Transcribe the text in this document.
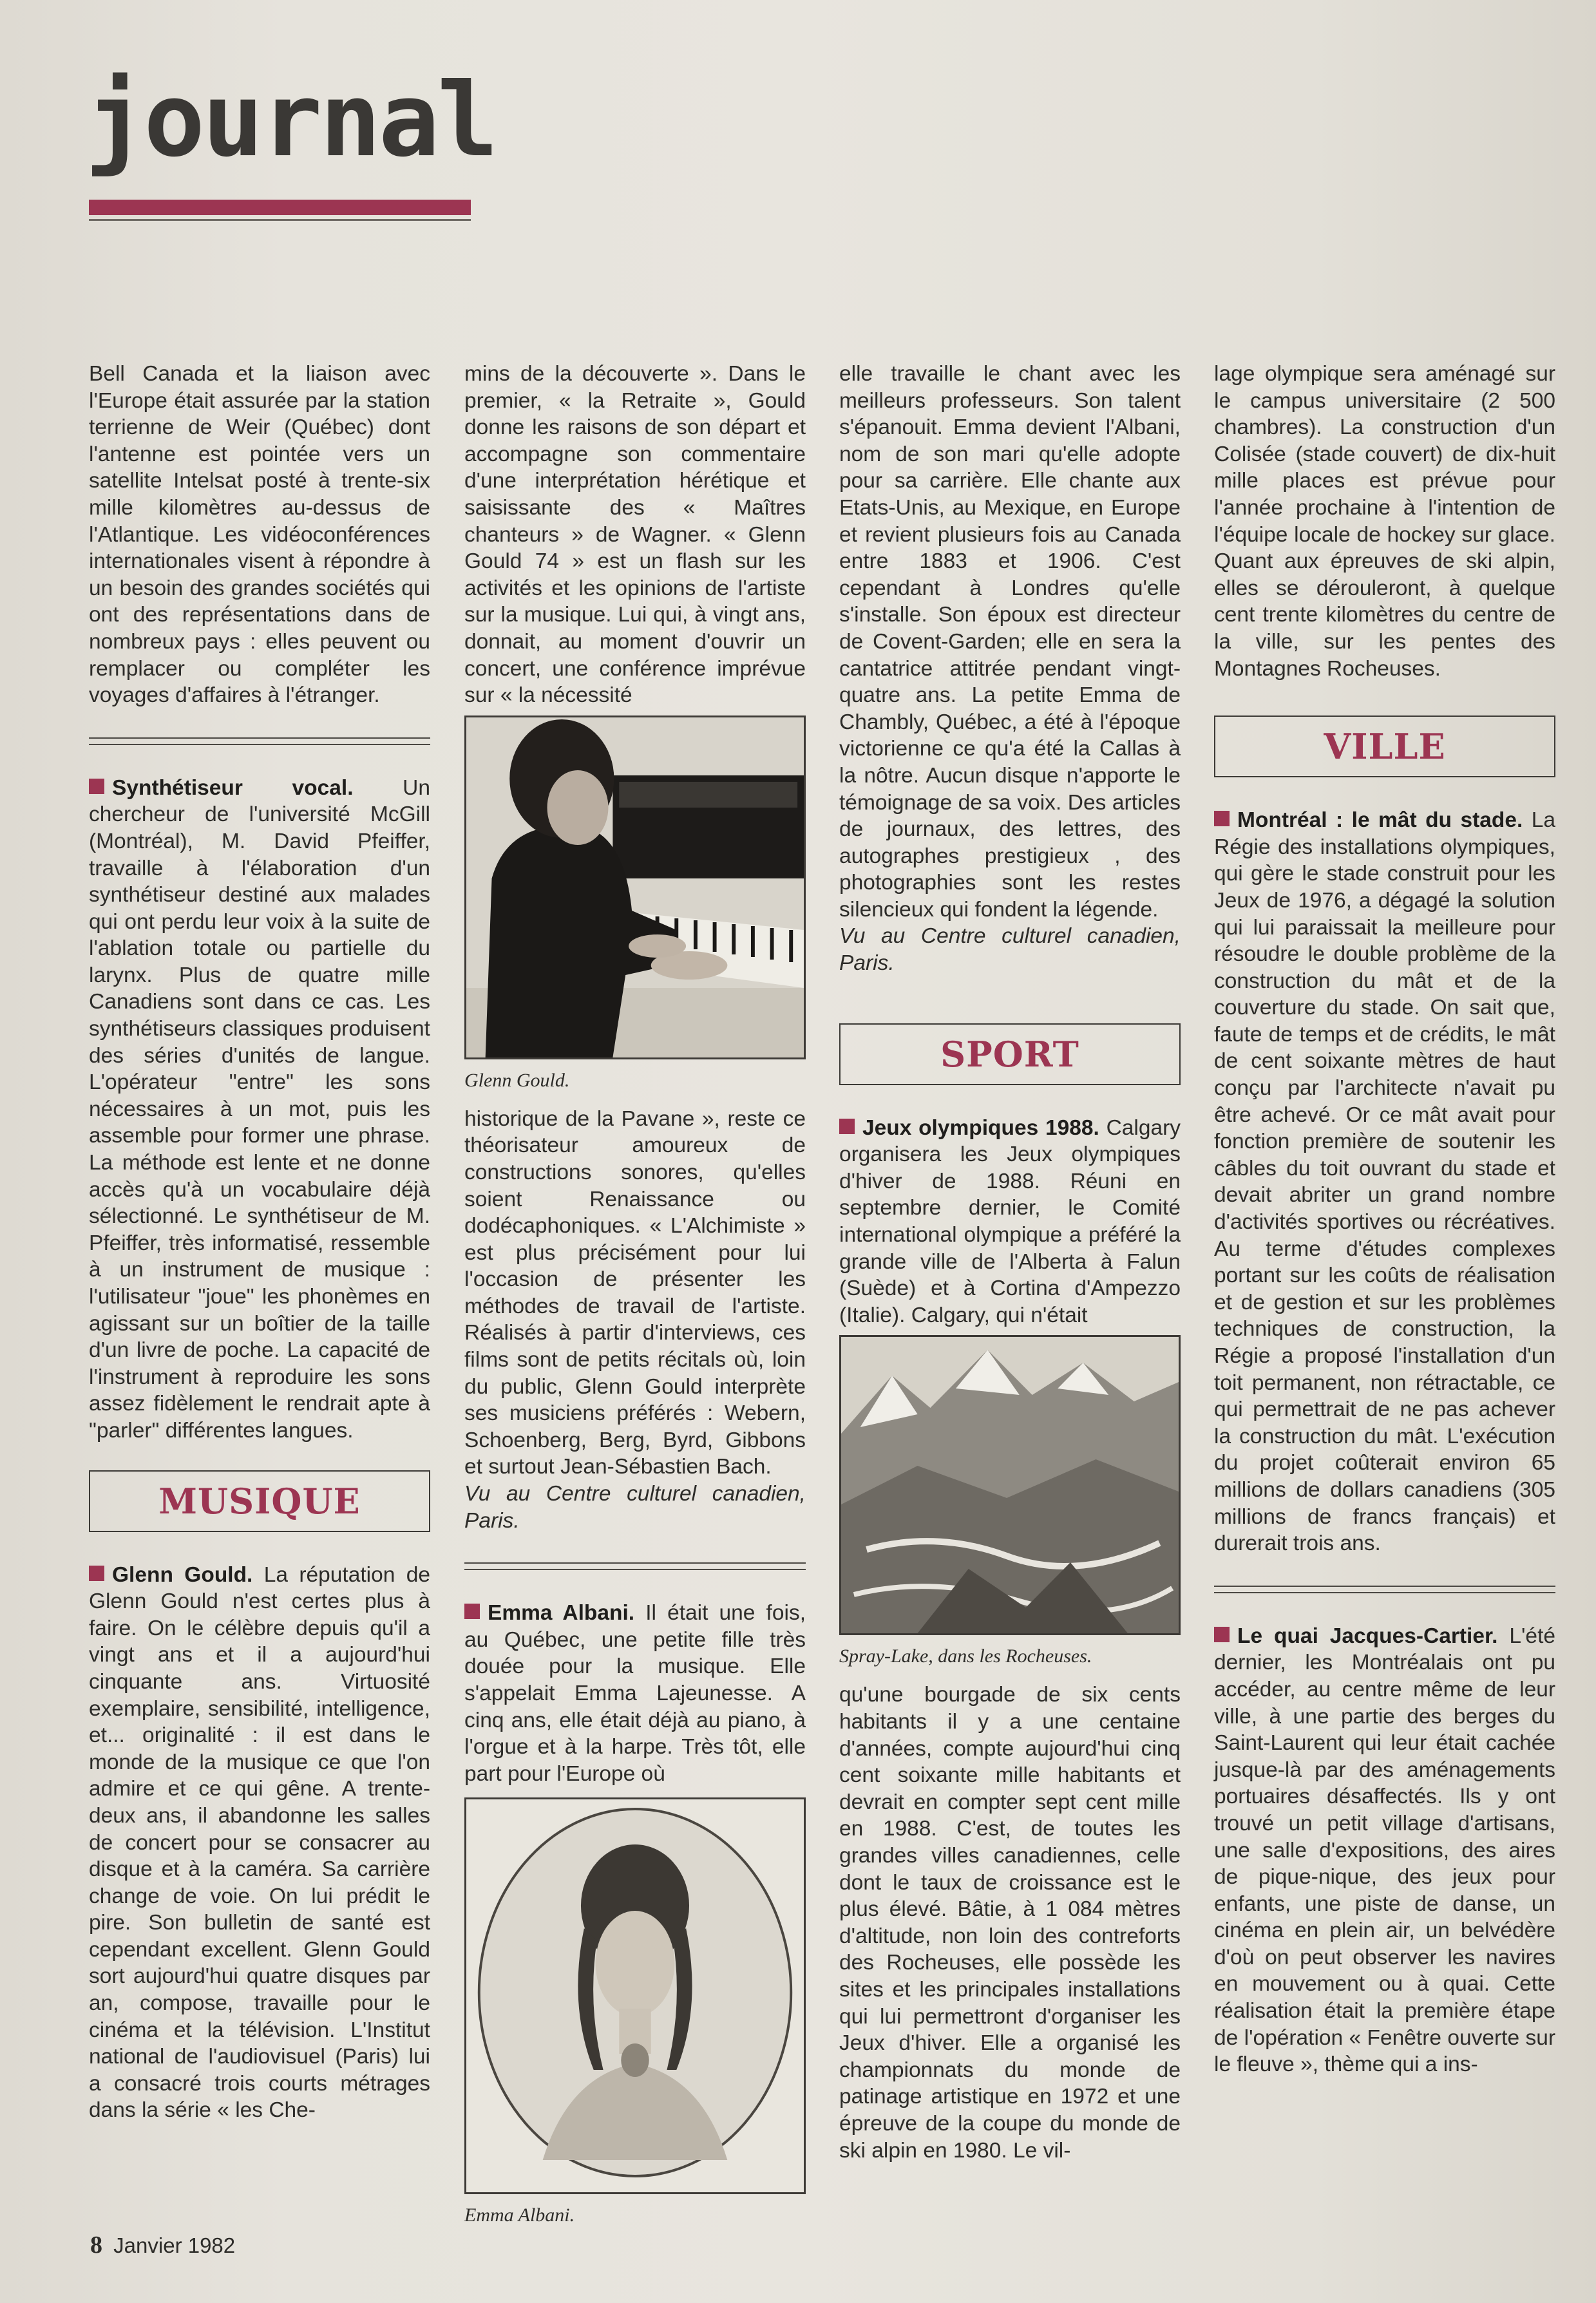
journal

Bell Canada et la liaison avec l'Europe était assurée par la station terrienne de Weir (Québec) dont l'antenne est pointée vers un satellite Intelsat posté à trente-six mille kilomètres au-dessus de l'Atlantique. Les vidéoconférences internationales visent à répondre à un besoin des grandes sociétés qui ont des représentations dans de nombreux pays : elles peuvent ou remplacer ou compléter les voyages d'affaires à l'étranger.

Synthétiseur vocal. Un chercheur de l'université McGill (Montréal), M. David Pfeiffer, travaille à l'élaboration d'un synthétiseur destiné aux malades qui ont perdu leur voix à la suite de l'ablation totale ou partielle du larynx. Plus de quatre mille Canadiens sont dans ce cas. Les synthétiseurs classiques produisent des séries d'unités de langue. L'opérateur "entre" les sons nécessaires à un mot, puis les assemble pour former une phrase. La méthode est lente et ne donne accès qu'à un vocabulaire déjà sélectionné. Le synthétiseur de M. Pfeiffer, très informatisé, ressemble à un instrument de musique : l'utilisateur "joue" les phonèmes en agissant sur un boîtier de la taille d'un livre de poche. La capacité de l'instrument à reproduire les sons assez fidèlement le rendrait apte à "parler" différentes langues.

MUSIQUE

Glenn Gould. La réputation de Glenn Gould n'est certes plus à faire. On le célèbre depuis qu'il a vingt ans et il a aujourd'hui cinquante ans. Virtuosité exemplaire, sensibilité, intelligence, et... originalité : il est dans le monde de la musique ce que l'on admire et ce qui gêne. A trente-deux ans, il abandonne les salles de concert pour se consacrer au disque et à la caméra. Sa carrière change de voie. On lui prédit le pire. Son bulletin de santé est cependant excellent. Glenn Gould sort aujourd'hui quatre disques par an, compose, travaille pour le cinéma et la télévision. L'Institut national de l'audiovisuel (Paris) lui a consacré trois courts métrages dans la série « les Che-

mins de la découverte ». Dans le premier, « la Retraite », Gould donne les raisons de son départ et accompagne son commentaire d'une interprétation hérétique et saisissante des « Maîtres chanteurs » de Wagner. « Glenn Gould 74 » est un flash sur les activités et les opinions de l'artiste sur la musique. Lui qui, à vingt ans, donnait, au moment d'ouvrir un concert, une conférence imprévue sur « la nécessité

Glenn Gould.

historique de la Pavane », reste ce théorisateur amoureux de constructions sonores, qu'elles soient Renaissance ou dodécaphoniques. « L'Alchimiste » est plus précisément pour lui l'occasion de présenter les méthodes de travail de l'artiste. Réalisés à partir d'interviews, ces films sont de petits récitals où, loin du public, Glenn Gould interprète ses musiciens préférés : Webern, Schoenberg, Berg, Byrd, Gibbons et surtout Jean-Sébastien Bach.

Vu au Centre culturel canadien, Paris.

Emma Albani. Il était une fois, au Québec, une petite fille très douée pour la musique. Elle s'appelait Emma Lajeunesse. A cinq ans, elle était déjà au piano, à l'orgue et à la harpe. Très tôt, elle part pour l'Europe où

Emma Albani.

elle travaille le chant avec les meilleurs professeurs. Son talent s'épanouit. Emma devient l'Albani, nom de son mari qu'elle adopte pour sa carrière. Elle chante aux Etats-Unis, au Mexique, en Europe et revient plusieurs fois au Canada entre 1883 et 1906. C'est cependant à Londres qu'elle s'installe. Son époux est directeur de Covent-Garden; elle en sera la cantatrice attitrée pendant vingt-quatre ans. La petite Emma de Chambly, Québec, a été à l'époque victorienne ce qu'a été la Callas à la nôtre. Aucun disque n'apporte le témoignage de sa voix. Des articles de journaux, des lettres, des autographes prestigieux , des photographies sont les restes silencieux qui fondent la légende.

Vu au Centre culturel canadien, Paris.

SPORT

Jeux olympiques 1988. Calgary organisera les Jeux olympiques d'hiver de 1988. Réuni en septembre dernier, le Comité international olympique a préféré la grande ville de l'Alberta à Falun (Suède) et à Cortina d'Ampezzo (Italie). Calgary, qui n'était

Spray-Lake, dans les Rocheuses.

qu'une bourgade de six cents habitants il y a une centaine d'années, compte aujourd'hui cinq cent soixante mille habitants et devrait en compter sept cent mille en 1988. C'est, de toutes les grandes villes canadiennes, celle dont le taux de croissance est le plus élevé. Bâtie, à 1 084 mètres d'altitude, non loin des contreforts des Rocheuses, elle possède les sites et les principales installations qui lui permettront d'organiser les Jeux d'hiver. Elle a organisé les championnats du monde de patinage artistique en 1972 et une épreuve de la coupe du monde de ski alpin en 1980. Le vil-

lage olympique sera aménagé sur le campus universitaire (2 500 chambres). La construction d'un Colisée (stade couvert) de dix-huit mille places est prévue pour l'année prochaine à l'intention de l'équipe locale de hockey sur glace. Quant aux épreuves de ski alpin, elles se dérouleront, à quelque cent trente kilomètres du centre de la ville, sur les pentes des Montagnes Rocheuses.

VILLE

Montréal : le mât du stade. La Régie des installations olympiques, qui gère le stade construit pour les Jeux de 1976, a dégagé la solution qui lui paraissait la meilleure pour résoudre le double problème de la construction du mât et de la couverture du stade. On sait que, faute de temps et de crédits, le mât de cent soixante mètres de haut conçu par l'architecte n'avait pu être achevé. Or ce mât avait pour fonction première de soutenir les câbles du toit ouvrant du stade et devait abriter un grand nombre d'activités sportives ou récréatives. Au terme d'études complexes portant sur les coûts de réalisation et de gestion et sur les problèmes techniques de construction, la Régie a proposé l'installation d'un toit permanent, non rétractable, ce qui permettrait de ne pas achever la construction du mât. L'exécution du projet coûterait environ 65 millions de dollars canadiens (305 millions de francs français) et durerait trois ans.

Le quai Jacques-Cartier. L'été dernier, les Montréalais ont pu accéder, au centre même de leur ville, à une partie des berges du Saint-Laurent qui leur était cachée jusque-là par des aménagements portuaires désaffectés. Ils y ont trouvé un petit village d'artisans, une salle d'expositions, des aires de pique-nique, des jeux pour enfants, une piste de danse, un cinéma en plein air, un belvédère d'où on peut observer les navires en mouvement ou à quai. Cette réalisation était la première étape de l'opération « Fenêtre ouverte sur le fleuve », thème qui a ins-

8 Janvier 1982
